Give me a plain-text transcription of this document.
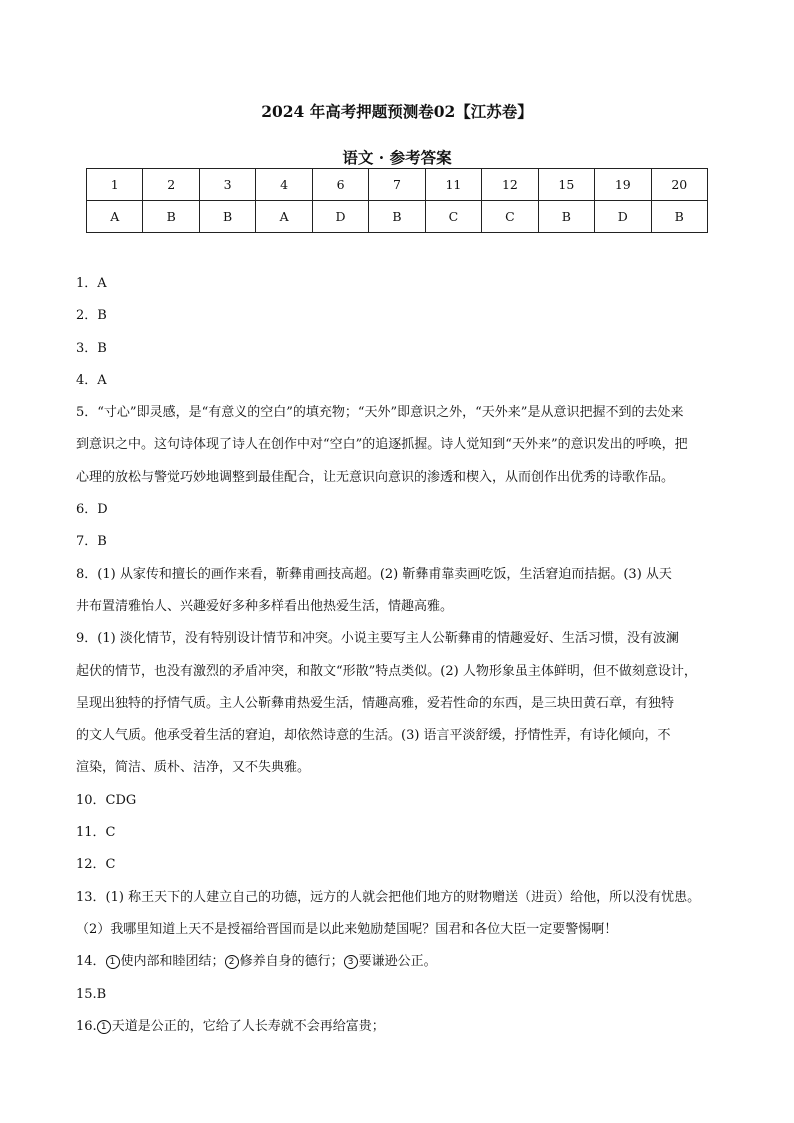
2024 年高考押题预测卷02【江苏卷】
语文 · 参考答案
1	2	3	4	6	7	11	12	15	19	20
A	B	B	A	D	B	C	C	B	D	B

1．A

2．B

3．B

4．A

5．“寸心”即灵感，是“有意义的空白”的填充物；“天外”即意识之外，“天外来”是从意识把握不到的去处来

到意识之中。这句诗体现了诗人在创作中对“空白”的追逐抓握。诗人觉知到“天外来”的意识发出的呼唤，把

心理的放松与警觉巧妙地调整到最佳配合，让无意识向意识的渗透和楔入，从而创作出优秀的诗歌作品。

6．D

7．B

8．(1) 从家传和擅长的画作来看，靳彝甫画技高超。(2) 靳彝甫靠卖画吃饭，生活窘迫而拮据。(3) 从天

井布置清雅怡人、兴趣爱好多种多样看出他热爱生活，情趣高雅。

9．(1) 淡化情节，没有特别设计情节和冲突。小说主要写主人公靳彝甫的情趣爱好、生活习惯，没有波澜

起伏的情节，也没有激烈的矛盾冲突，和散文“形散”特点类似。(2) 人物形象虽主体鲜明，但不做刻意设计，

呈现出独特的抒情气质。主人公靳彝甫热爱生活，情趣高雅，爱若性命的东西，是三块田黄石章，有独特

的文人气质。他承受着生活的窘迫，却依然诗意的生活。(3) 语言平淡舒缓，抒情性弄，有诗化倾向，不

渲染，简洁、质朴、洁净，又不失典雅。

10．CDG

11．C

12．C

13．(1) 称王天下的人建立自己的功德，远方的人就会把他们地方的财物赠送（进贡）给他，所以没有忧患。

（2）我哪里知道上天不是授福给晋国而是以此来勉励楚国呢？国君和各位大臣一定要警惕啊！

14． 1 使内部和睦团结； 2 修养自身的德行； 3 要谦逊公正。

15.B

16. 1 天道是公正的，它给了人长寿就不会再给富贵；
